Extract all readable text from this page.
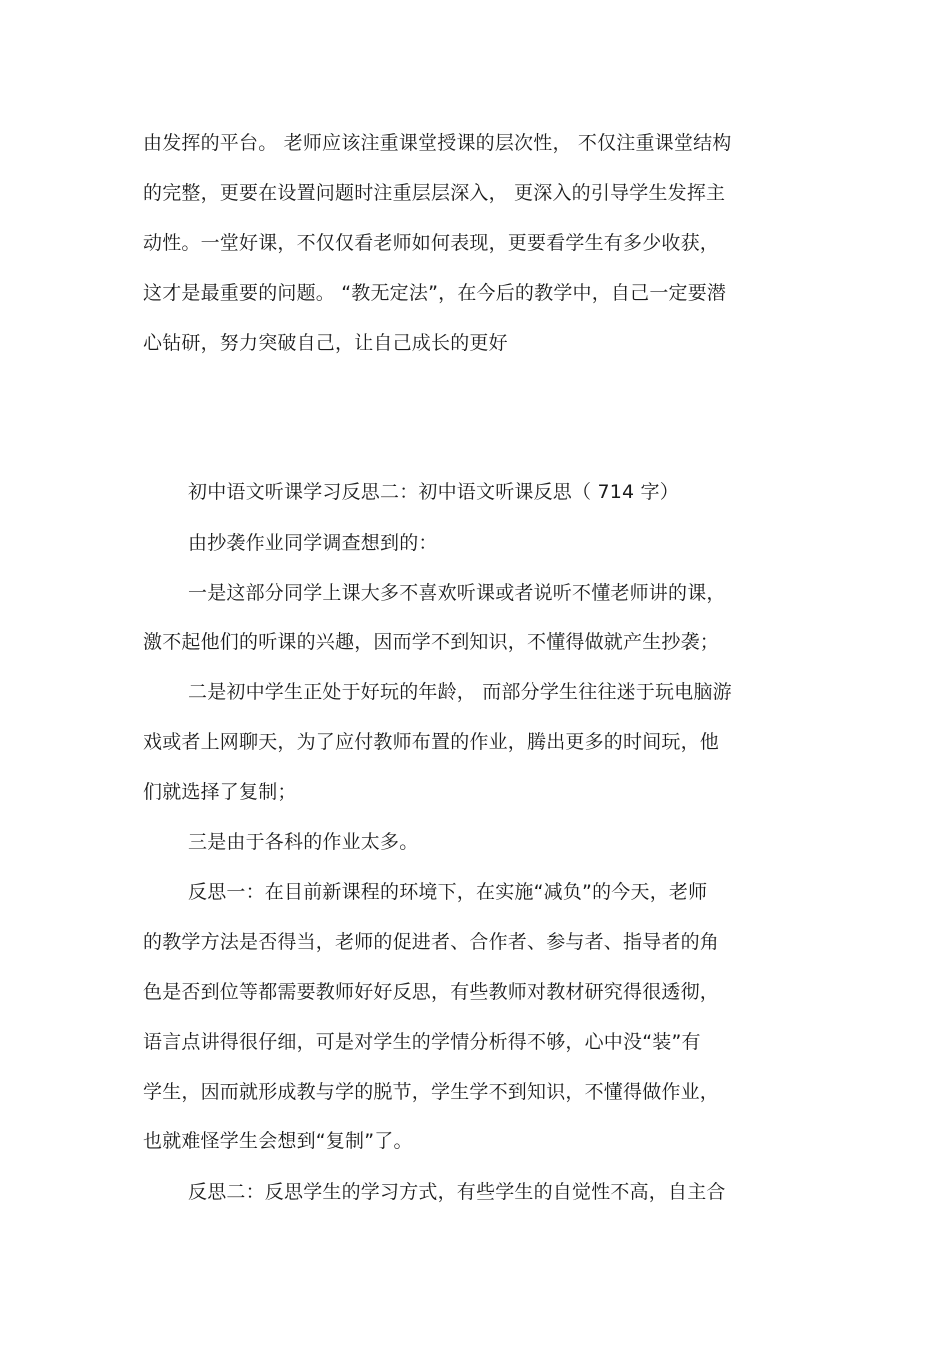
由发挥的平台。 老师应该注重课堂授课的层次性， 不仅注重课堂结构
的完整，更要在设置问题时注重层层深入， 更深入的引导学生发挥主
动性。一堂好课，不仅仅看老师如何表现，更要看学生有多少收获，
这才是最重要的问题。 “教无定法”，在今后的教学中，自己一定要潜
心钻研，努力突破自己，让自己成长的更好
初中语文听课学习反思二：初中语文听课反思（ 714 字）
由抄袭作业同学调查想到的：
一是这部分同学上课大多不喜欢听课或者说听不懂老师讲的课，
激不起他们的听课的兴趣，因而学不到知识，不懂得做就产生抄袭；
二是初中学生正处于好玩的年龄， 而部分学生往往迷于玩电脑游
戏或者上网聊天，为了应付教师布置的作业，腾出更多的时间玩，他
们就选择了复制；
三是由于各科的作业太多。
反思一：在目前新课程的环境下，在实施“减负”的今天，老师
的教学方法是否得当，老师的促进者、合作者、参与者、指导者的角
色是否到位等都需要教师好好反思，有些教师对教材研究得很透彻，
语言点讲得很仔细，可是对学生的学情分析得不够，心中没“装”有
学生，因而就形成教与学的脱节，学生学不到知识，不懂得做作业，
也就难怪学生会想到“复制”了。
反思二：反思学生的学习方式，有些学生的自觉性不高，自主合
